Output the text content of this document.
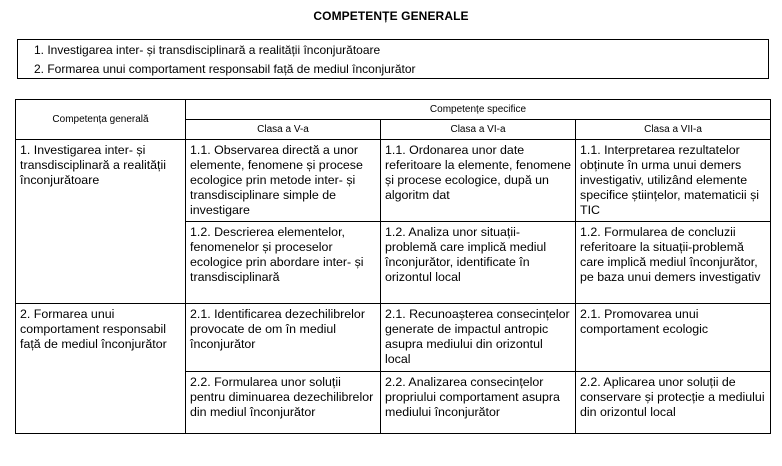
COMPETENȚE GENERALE
1. Investigarea inter- și transdisciplinară a realității înconjurătoare
2. Formarea unui comportament responsabil față de mediul înconjurător
Competența generală	Competențe specifice		
	Clasa a V-a	Clasa a VI-a	Clasa a VII-a
1. Investigarea inter- și transdisciplinară a realității înconjurătoare	1.1. Observarea directă a unor elemente, fenomene și procese ecologice prin metode inter- și transdisciplinare simple de investigare	1.1. Ordonarea unor date referitoare la elemente, fenomene și procese ecologice, după un algoritm dat	1.1. Interpretarea rezultatelor obținute în urma unui demers investigativ, utilizând elemente specifice științelor, matematicii și TIC
	1.2. Descrierea elementelor, fenomenelor și proceselor ecologice prin abordare inter- și transdisciplinară	1.2. Analiza unor situații-problemă care implică mediul înconjurător, identificate în orizontul local	1.2. Formularea de concluzii referitoare la situații-problemă care implică mediul înconjurător, pe baza unui demers investigativ
2. Formarea unui comportament responsabil față de mediul înconjurător	2.1. Identificarea dezechilibrelor provocate de om în mediul înconjurător	2.1. Recunoașterea consecințelor generate de impactul antropic asupra mediului din orizontul local	2.1. Promovarea unui comportament ecologic
	2.2. Formularea unor soluții pentru diminuarea dezechilibrelor din mediul înconjurător	2.2. Analizarea consecințelor propriului comportament asupra mediului înconjurător	2.2. Aplicarea unor soluții de conservare și protecție a mediului din orizontul local
